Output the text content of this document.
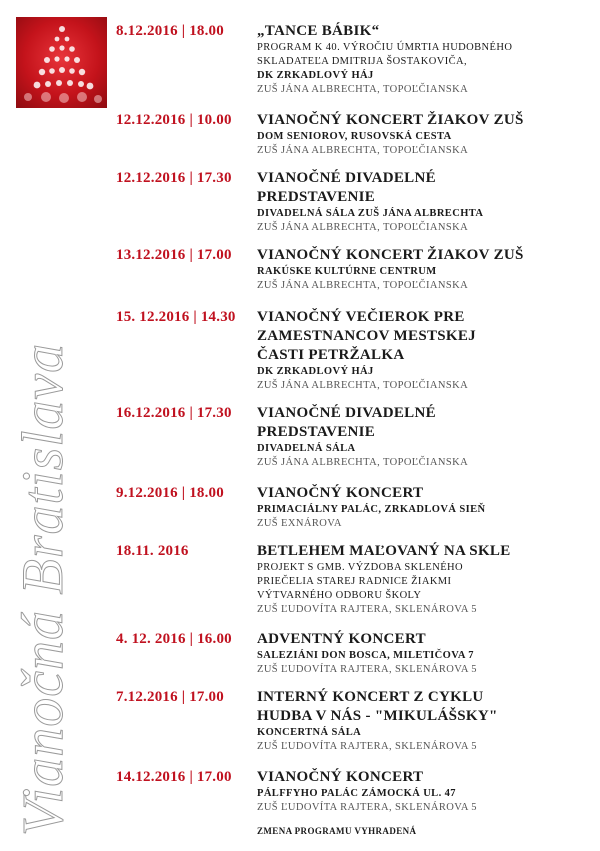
Vianočná Bratislava
8.12.2016 | 18.00 „TANCE BÁBIK“
PROGRAM K 40. VÝROČIU ÚMRTIA HUDOBNÉHO
SKLADATEĽA DMITRIJA ŠOSTAKOVIČA,
DK ZRKADLOVÝ HÁJ
ZUŠ JÁNA ALBRECHTA, TOPOĽČIANSKA
12.12.2016 | 10.00 VIANOČNÝ KONCERT ŽIAKOV ZUŠ
DOM SENIOROV, RUSOVSKÁ CESTA
ZUŠ JÁNA ALBRECHTA, TOPOĽČIANSKA
12.12.2016 | 17.30 VIANOČNÉ DIVADELNÉ
PREDSTAVENIE
DIVADELNÁ SÁLA ZUŠ JÁNA ALBRECHTA
ZUŠ JÁNA ALBRECHTA, TOPOĽČIANSKA
13.12.2016 | 17.00 VIANOČNÝ KONCERT ŽIAKOV ZUŠ
RAKÚSKE KULTÚRNE CENTRUM
ZUŠ JÁNA ALBRECHTA, TOPOĽČIANSKA
15. 12.2016 | 14.30 VIANOČNÝ VEČIEROK PRE
ZAMESTNANCOV MESTSKEJ
ČASTI PETRŽALKA
DK ZRKADLOVÝ HÁJ
ZUŠ JÁNA ALBRECHTA, TOPOĽČIANSKA
16.12.2016 | 17.30 VIANOČNÉ DIVADELNÉ
PREDSTAVENIE
DIVADELNÁ SÁLA
ZUŠ JÁNA ALBRECHTA, TOPOĽČIANSKA
9.12.2016 | 18.00 VIANOČNÝ KONCERT
PRIMACIÁLNY PALÁC, ZRKADLOVÁ SIEŇ
ZUŠ EXNÁROVA
18.11. 2016	BETLEHEM MAĽOVANÝ NA SKLE
PROJEKT S GMB. VÝZDOBA SKLENÉHO
PRIEČELIA STAREJ RADNICE ŽIAKMI
VÝTVARNÉHO ODBORU ŠKOLY
ZUŠ ĽUDOVÍTA RAJTERA, SKLENÁROVA 5
4. 12. 2016 | 16.00 ADVENTNÝ KONCERT
SALEZIÁNI DON BOSCA, MILETIČOVA 7
ZUŠ ĽUDOVÍTA RAJTERA, SKLENÁROVA 5
7.12.2016 | 17.00 INTERNÝ KONCERT Z CYKLU
HUDBA V NÁS - "MIKULÁŠSKY"
KONCERTNÁ SÁLA
ZUŠ ĽUDOVÍTA RAJTERA, SKLENÁROVA 5
14.12.2016 | 17.00 VIANOČNÝ KONCERT
PÁLFFYHO PALÁC ZÁMOCKÁ UL. 47
ZUŠ ĽUDOVÍTA RAJTERA, SKLENÁROVA 5
ZMENA PROGRAMU VYHRADENÁ
